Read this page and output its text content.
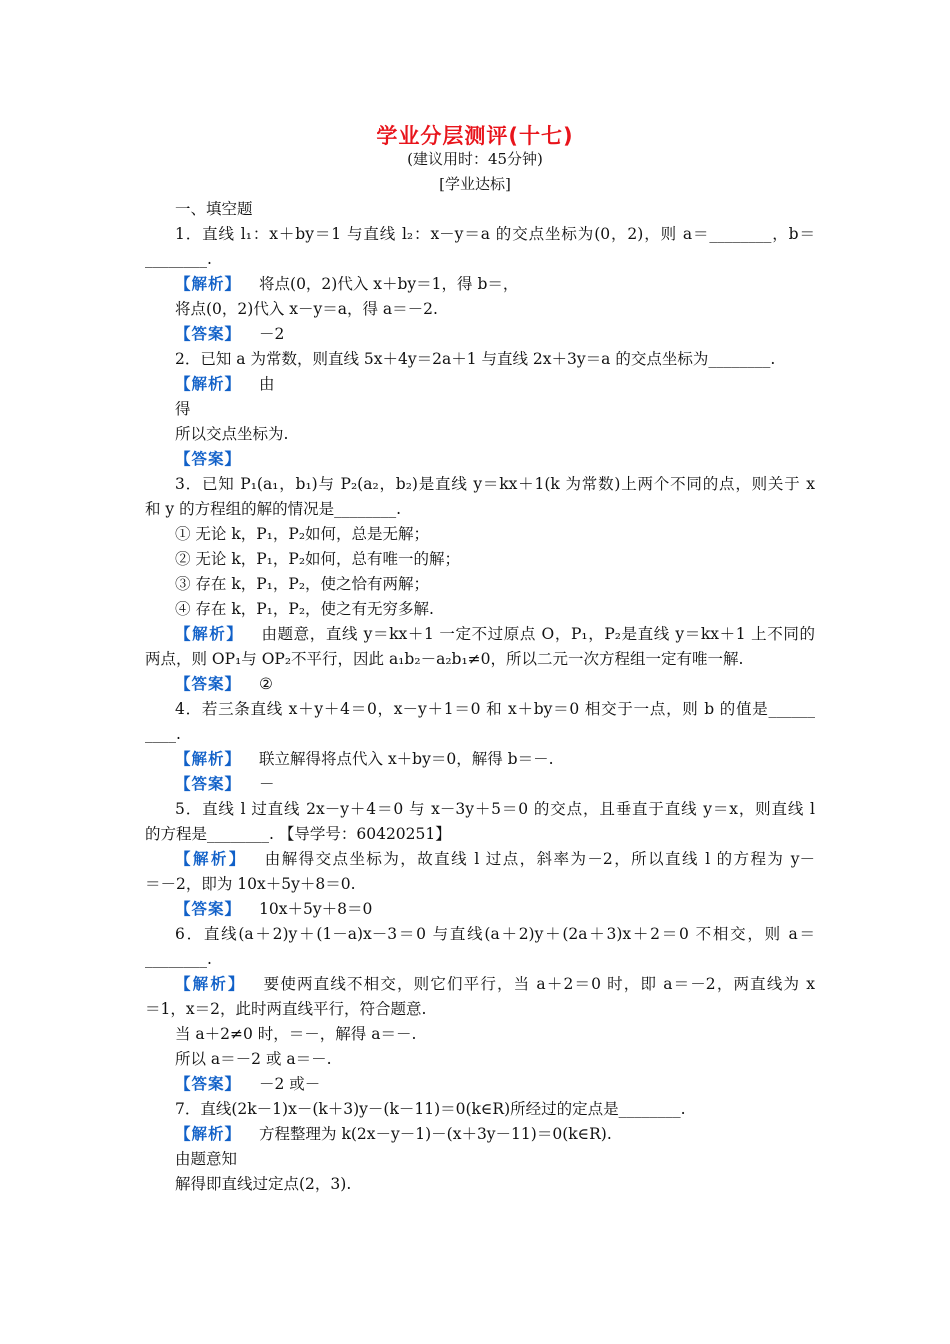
学业分层测评(十七)
(建议用时：45分钟)
[学业达标]
一、填空题
1．直线 l₁：x＋by＝1 与直线 l₂：x－y＝a 的交点坐标为(0，2)，则 a＝________，b＝
________.
【解析】 将点(0，2)代入 x＋by＝1，得 b＝，
将点(0，2)代入 x－y＝a，得 a＝－2.
【答案】 －2
2．已知 a 为常数，则直线 5x＋4y＝2a＋1 与直线 2x＋3y＝a 的交点坐标为________.
【解析】 由
得
所以交点坐标为.
【答案】
3．已知 P₁(a₁，b₁)与 P₂(a₂，b₂)是直线 y＝kx＋1(k 为常数)上两个不同的点，则关于 x
和 y 的方程组的解的情况是________.
① 无论 k，P₁，P₂如何，总是无解；
② 无论 k，P₁，P₂如何，总有唯一的解；
③ 存在 k，P₁，P₂，使之恰有两解；
④ 存在 k，P₁，P₂，使之有无穷多解.
【解析】 由题意，直线 y＝kx＋1 一定不过原点 O，P₁，P₂是直线 y＝kx＋1 上不同的
两点，则 OP₁与 OP₂不平行，因此 a₁b₂－a₂b₁≠0，所以二元一次方程组一定有唯一解.
【答案】 ②
4．若三条直线 x＋y＋4＝0，x－y＋1＝0 和 x＋by＝0 相交于一点，则 b 的值是______
____.
【解析】 联立解得将点代入 x＋by＝0，解得 b＝－.
【答案】 －
5．直线 l 过直线 2x－y＋4＝0 与 x－3y＋5＝0 的交点，且垂直于直线 y＝x，则直线 l
的方程是________. 【导学号：60420251】
【解析】 由解得交点坐标为，故直线 l 过点，斜率为－2，所以直线 l 的方程为 y－
＝－2，即为 10x＋5y＋8＝0.
【答案】 10x＋5y＋8＝0
6．直线(a＋2)y＋(1－a)x－3＝0 与直线(a＋2)y＋(2a＋3)x＋2＝0 不相交，则 a＝
________.
【解析】 要使两直线不相交，则它们平行，当 a＋2＝0 时，即 a＝－2，两直线为 x
＝1，x＝2，此时两直线平行，符合题意.
当 a＋2≠0 时，＝－，解得 a＝－.
所以 a＝－2 或 a＝－.
【答案】 －2 或－
7．直线(2k－1)x－(k＋3)y－(k－11)＝0(k∈R)所经过的定点是________.
【解析】 方程整理为 k(2x－y－1)－(x＋3y－11)＝0(k∈R).
由题意知
解得即直线过定点(2，3).
